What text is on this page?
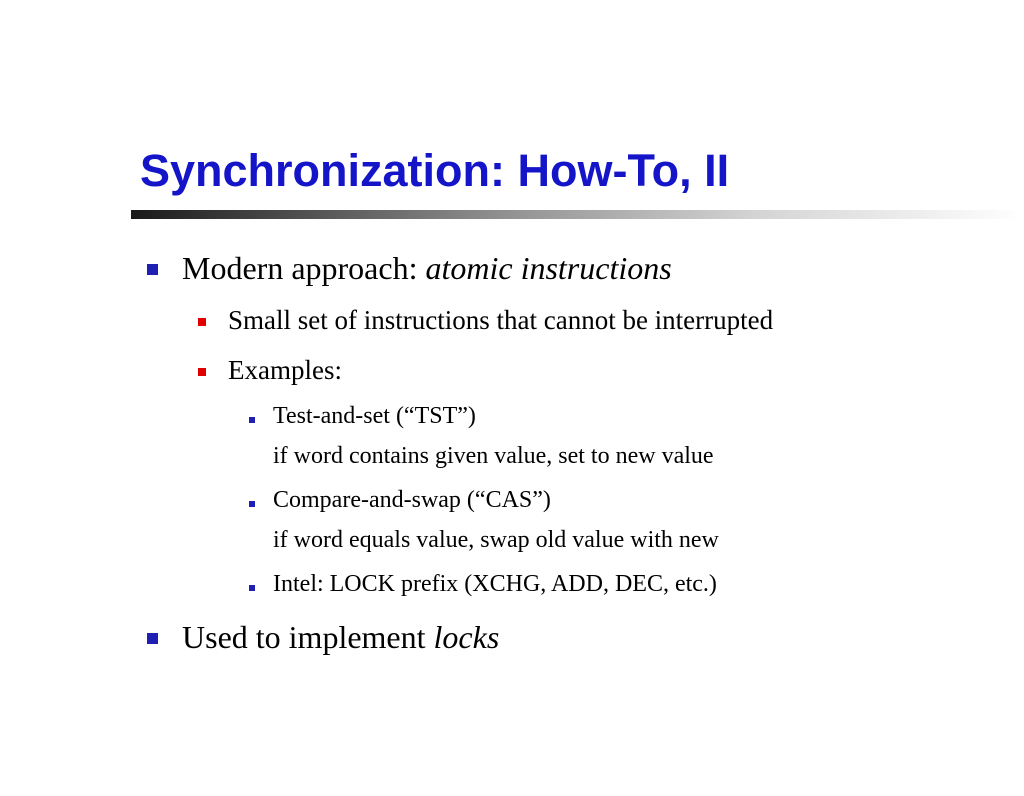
Synchronization: How-To, II
Modern approach: atomic instructions
Small set of instructions that cannot be interrupted
Examples:
Test-and-set (“TST”)
if word contains given value, set to new value
Compare-and-swap (“CAS”)
if word equals value, swap old value with new
Intel: LOCK prefix (XCHG, ADD, DEC, etc.)
Used to implement locks
